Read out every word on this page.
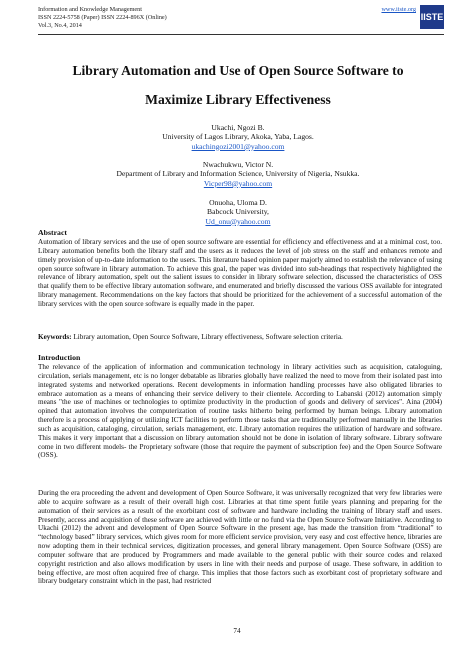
Information and Knowledge Management
ISSN 2224-5758 (Paper) ISSN 2224-896X (Online)
Vol.3, No.4, 2014
www.iiste.org
IISTE
Library Automation and Use of Open Source Software to
Maximize Library Effectiveness
Ukachi, Ngozi B.
University of Lagos Library, Akoka, Yaba, Lagos.
ukachingozi2001@yahoo.com
Nwachukwu, Victor N.
Department of Library and Information Science, University of Nigeria, Nsukka.
Vicper98@yahoo.com
Onuoha, Uloma D.
Babcock University,
Ud_onu@yahoo.com
Abstract
Automation of library services and the use of open source software are essential for efficiency and effectiveness and at a minimal cost, too. Library automation benefits both the library staff and the users as it reduces the level of job stress on the staff and enhances remote and timely provision of up-to-date information to the users. This literature based opinion paper majorly aimed to establish the relevance of using open source software in library automation. To achieve this goal, the paper was divided into sub-headings that respectively highlighted the relevance of library automation, spelt out the salient issues to consider in library software selection, discussed the characteristics of OSS that qualify them to be effective library automation software, and enumerated and briefly discussed the various OSS available for integrated library management. Recommendations on the key factors that should be prioritized for the achievement of a successful automation of the library services with the open source software is equally made in the paper.
Keywords: Library automation, Open Source Software, Library effectiveness, Software selection criteria.
Introduction
The relevance of the application of information and communication technology in library activities such as acquisition, cataloguing, circulation, serials management, etc is no longer debatable as libraries globally have realized the need to move from their isolated past into integrated systems and networked operations. Recent developments in information handling processes have also obligated libraries to embrace automation as a means of enhancing their service delivery to their clientele. According to Labanski (2012) automation simply means "the use of machines or technologies to optimize productivity in the production of goods and delivery of services". Aina (2004) opined that automation involves the computerization of routine tasks hitherto being performed by human beings. Library automation therefore is a process of applying or utilizing ICT facilities to perform those tasks that are traditionally performed manually in the libraries such as acquisition, cataloging, circulation, serials management, etc. Library automation requires the utilization of hardware and software. This makes it very important that a discussion on library automation should not be done in isolation of library software. Library software come in two different models- the Proprietary software (those that require the payment of subscription fee) and the Open Source Software (OSS).
During the era proceeding the advent and development of Open Source Software, it was universally recognized that very few libraries were able to acquire software as a result of their overall high cost. Libraries at that time spent futile years planning and preparing for the automation of their services as a result of the exorbitant cost of software and hardware including the training of library staff and users. Presently, access and acquisition of these software are achieved with little or no fund via the Open Source Software Initiative. According to Ukachi (2012) the advent and development of Open Source Software in the present age, has made the transition from “traditional” to “technology based” library services, which gives room for more efficient service provision, very easy and cost effective hence, libraries are now adopting them in their technical services, digitization processes, and general library management. Open Source Software (OSS) are computer software that are produced by Programmers and made available to the general public with their source codes and relaxed copyright restriction and also allows modification by users in line with their needs and purpose of usage. These software, in addition to being effective, are most often acquired free of charge. This implies that those factors such as exorbitant cost of proprietary software and library budgetary constraint which in the past, had restricted
74
